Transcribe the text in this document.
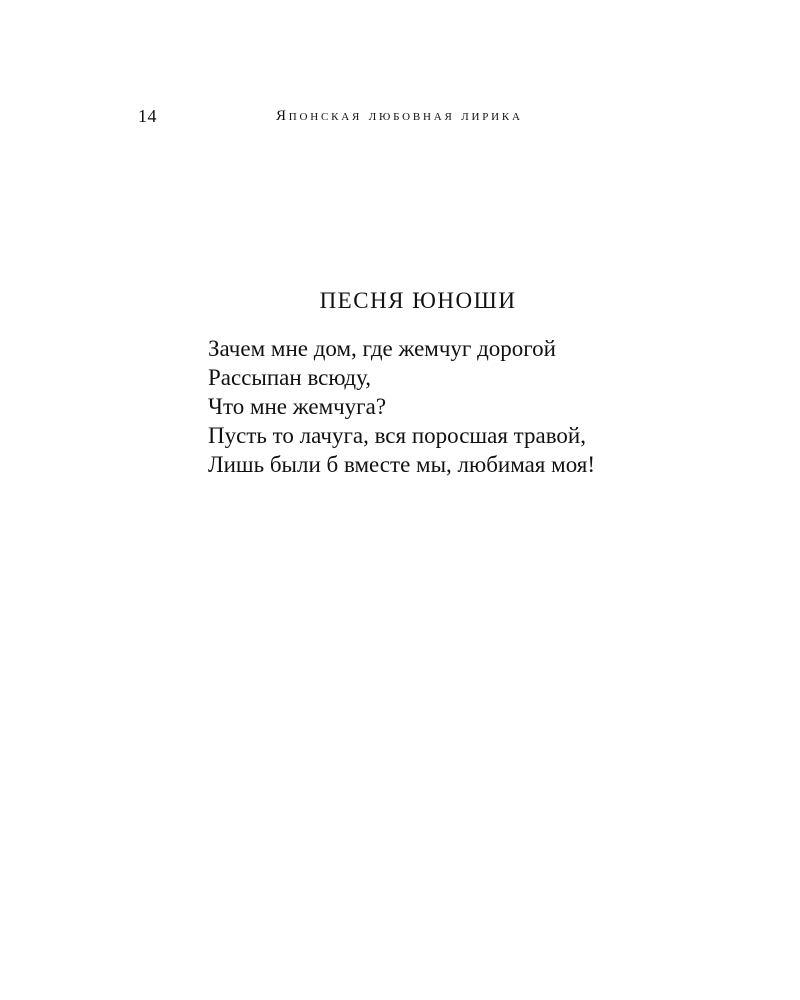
14	Японская любовная лирика
ПЕСНЯ ЮНОШИ
Зачем мне дом, где жемчуг дорогой
Рассыпан всюду,
Что мне жемчуга?
Пусть то лачуга, вся поросшая травой,
Лишь были б вместе мы, любимая моя!
